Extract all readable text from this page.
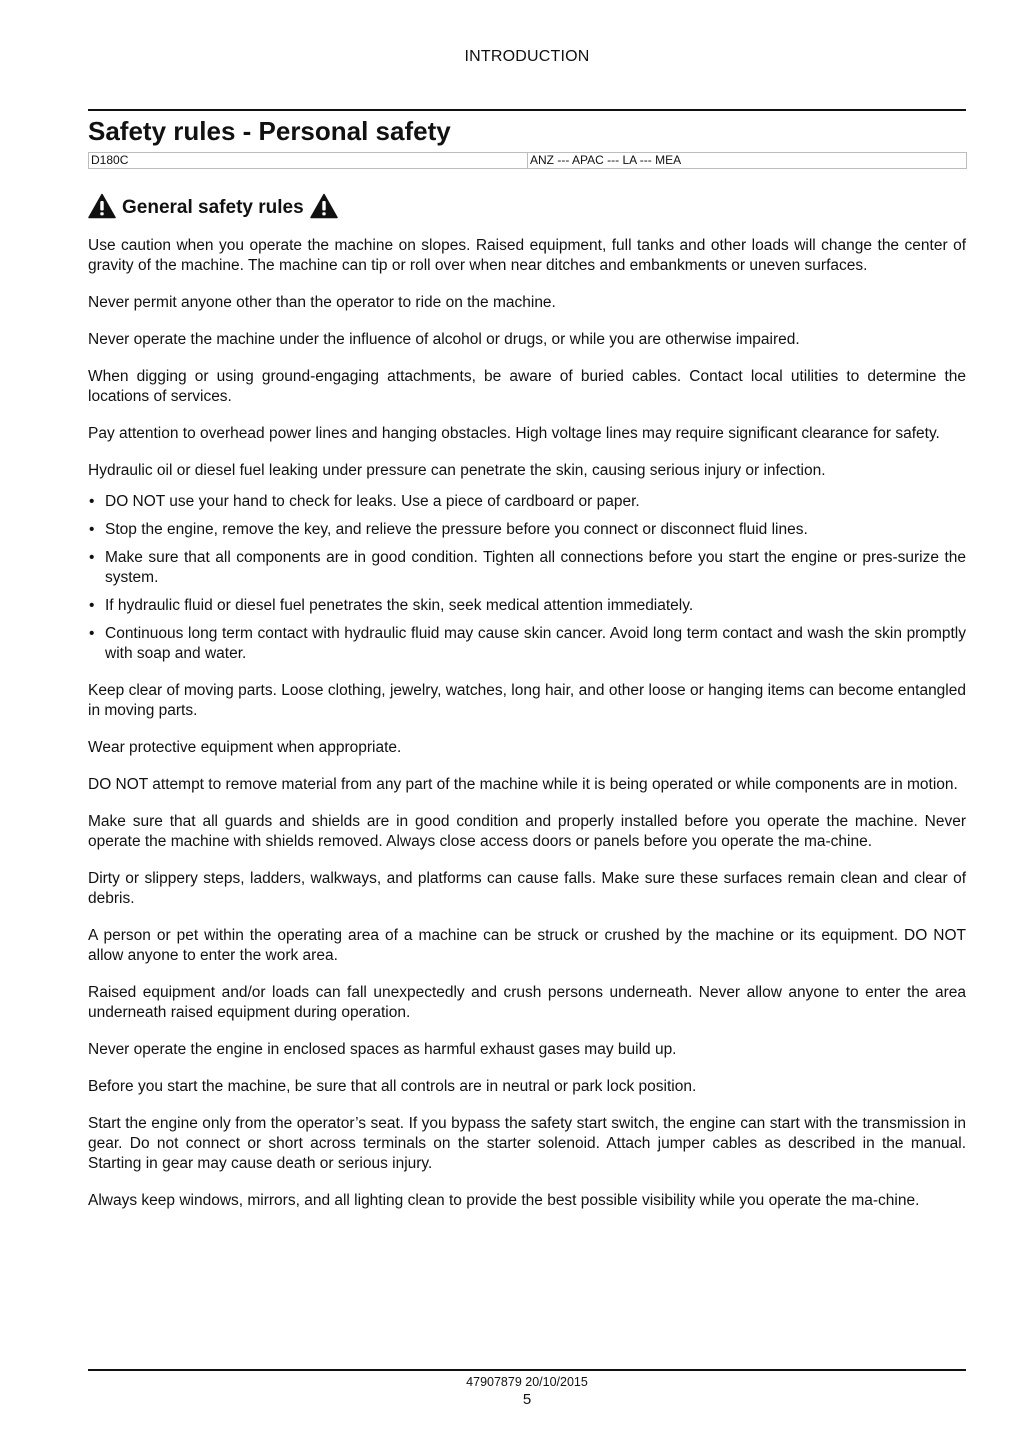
INTRODUCTION
Safety rules - Personal safety
D180C	ANZ --- APAC --- LA --- MEA
General safety rules

Use caution when you operate the machine on slopes. Raised equipment, full tanks and other loads will change the center of gravity of the machine. The machine can tip or roll over when near ditches and embankments or uneven surfaces.

Never permit anyone other than the operator to ride on the machine.

Never operate the machine under the influence of alcohol or drugs, or while you are otherwise impaired.

When digging or using ground-engaging attachments, be aware of buried cables. Contact local utilities to determine the locations of services.

Pay attention to overhead power lines and hanging obstacles. High voltage lines may require significant clearance for safety.

Hydraulic oil or diesel fuel leaking under pressure can penetrate the skin, causing serious injury or infection.

• DO NOT use your hand to check for leaks. Use a piece of cardboard or paper.
• Stop the engine, remove the key, and relieve the pressure before you connect or disconnect fluid lines.
• Make sure that all components are in good condition. Tighten all connections before you start the engine or pres-surize the system.
• If hydraulic fluid or diesel fuel penetrates the skin, seek medical attention immediately.
• Continuous long term contact with hydraulic fluid may cause skin cancer. Avoid long term contact and wash the skin promptly with soap and water.

Keep clear of moving parts. Loose clothing, jewelry, watches, long hair, and other loose or hanging items can become entangled in moving parts.

Wear protective equipment when appropriate.

DO NOT attempt to remove material from any part of the machine while it is being operated or while components are in motion.

Make sure that all guards and shields are in good condition and properly installed before you operate the machine. Never operate the machine with shields removed. Always close access doors or panels before you operate the ma-chine.

Dirty or slippery steps, ladders, walkways, and platforms can cause falls. Make sure these surfaces remain clean and clear of debris.

A person or pet within the operating area of a machine can be struck or crushed by the machine or its equipment. DO NOT allow anyone to enter the work area.

Raised equipment and/or loads can fall unexpectedly and crush persons underneath. Never allow anyone to enter the area underneath raised equipment during operation.

Never operate the engine in enclosed spaces as harmful exhaust gases may build up.

Before you start the machine, be sure that all controls are in neutral or park lock position.

Start the engine only from the operator’s seat. If you bypass the safety start switch, the engine can start with the transmission in gear. Do not connect or short across terminals on the starter solenoid. Attach jumper cables as described in the manual. Starting in gear may cause death or serious injury.

Always keep windows, mirrors, and all lighting clean to provide the best possible visibility while you operate the ma-chine.

47907879 20/10/2015
5
